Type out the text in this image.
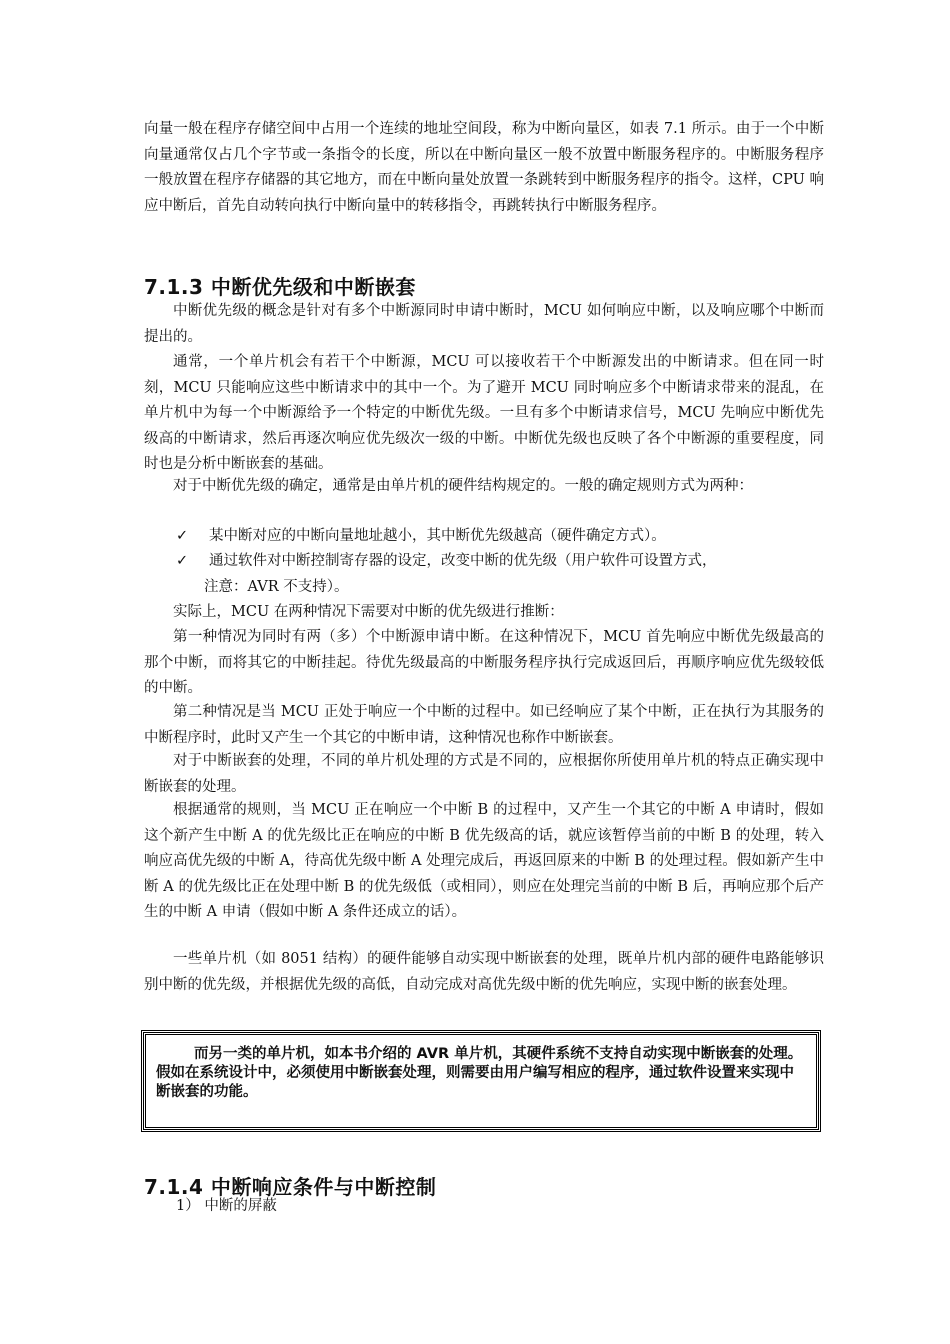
向量一般在程序存储空间中占用一个连续的地址空间段，称为中断向量区，如表 7.1 所示。由于一个中断向量通常仅占几个字节或一条指令的长度，所以在中断向量区一般不放置中断服务程序的。中断服务程序一般放置在程序存储器的其它地方，而在中断向量处放置一条跳转到中断服务程序的指令。这样，CPU 响应中断后，首先自动转向执行中断向量中的转移指令，再跳转执行中断服务程序。

7.1.3 中断优先级和中断嵌套

中断优先级的概念是针对有多个中断源同时申请中断时，MCU 如何响应中断，以及响应哪个中断而提出的。

通常，一个单片机会有若干个中断源，MCU 可以接收若干个中断源发出的中断请求。但在同一时刻，MCU 只能响应这些中断请求中的其中一个。为了避开 MCU 同时响应多个中断请求带来的混乱，在单片机中为每一个中断源给予一个特定的中断优先级。一旦有多个中断请求信号，MCU 先响应中断优先级高的中断请求，然后再逐次响应优先级次一级的中断。中断优先级也反映了各个中断源的重要程度，同时也是分析中断嵌套的基础。

对于中断优先级的确定，通常是由单片机的硬件结构规定的。一般的确定规则方式为两种：

✓	某中断对应的中断向量地址越小，其中断优先级越高（硬件确定方式）。
✓	通过软件对中断控制寄存器的设定，改变中断的优先级（用户软件可设置方式，
注意：AVR 不支持）。

实际上，MCU 在两种情况下需要对中断的优先级进行推断：

第一种情况为同时有两（多）个中断源申请中断。在这种情况下，MCU 首先响应中断优先级最高的那个中断，而将其它的中断挂起。待优先级最高的中断服务程序执行完成返回后，再顺序响应优先级较低的中断。

第二种情况是当 MCU 正处于响应一个中断的过程中。如已经响应了某个中断，正在执行为其服务的中断程序时，此时又产生一个其它的中断申请，这种情况也称作中断嵌套。

对于中断嵌套的处理，不同的单片机处理的方式是不同的，应根据你所使用单片机的特点正确实现中断嵌套的处理。

根据通常的规则，当 MCU 正在响应一个中断 B 的过程中，又产生一个其它的中断 A 申请时，假如这个新产生中断 A 的优先级比正在响应的中断 B 优先级高的话，就应该暂停当前的中断 B 的处理，转入响应高优先级的中断 A，待高优先级中断 A 处理完成后，再返回原来的中断 B 的处理过程。假如新产生中断 A 的优先级比正在处理中断 B 的优先级低（或相同），则应在处理完当前的中断 B 后，再响应那个后产生的中断 A 申请（假如中断 A 条件还成立的话）。

一些单片机（如 8051 结构）的硬件能够自动实现中断嵌套的处理，既单片机内部的硬件电路能够识别中断的优先级，并根据优先级的高低，自动完成对高优先级中断的优先响应，实现中断的嵌套处理。

而另一类的单片机，如本书介绍的 AVR 单片机，其硬件系统不支持自动实现中断嵌套的处理。假如在系统设计中，必须使用中断嵌套处理，则需要由用户编写相应的程序，通过软件设置来实现中断嵌套的功能。

7.1.4 中断响应条件与中断控制
1） 中断的屏蔽
